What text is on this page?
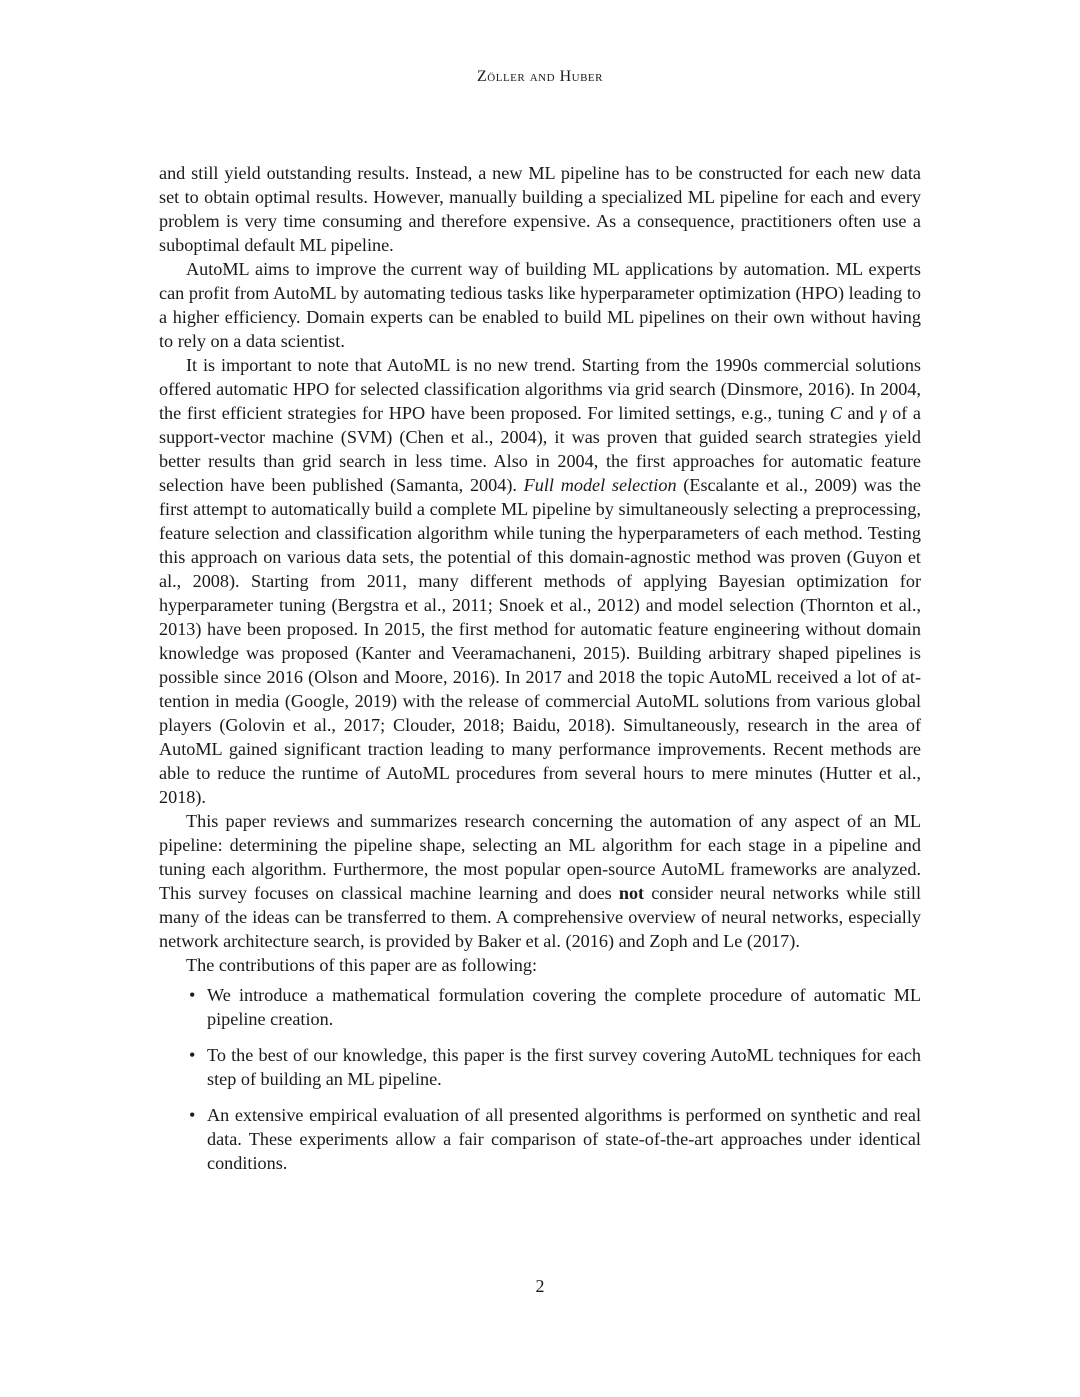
Zöller and Huber

and still yield outstanding results. Instead, a new ML pipeline has to be constructed for each new data set to obtain optimal results. However, manually building a specialized ML pipeline for each and every problem is very time consuming and therefore expensive. As a consequence, practitioners often use a suboptimal default ML pipeline.

AutoML aims to improve the current way of building ML applications by automation. ML experts can profit from AutoML by automating tedious tasks like hyperparameter optimization (HPO) leading to a higher efficiency. Domain experts can be enabled to build ML pipelines on their own without having to rely on a data scientist.

It is important to note that AutoML is no new trend. Starting from the 1990s commercial solutions offered automatic HPO for selected classification algorithms via grid search (Dinsmore, 2016). In 2004, the first efficient strategies for HPO have been proposed. For limited settings, e.g., tuning C and γ of a support-vector machine (SVM) (Chen et al., 2004), it was proven that guided search strategies yield better results than grid search in less time. Also in 2004, the first approaches for automatic feature selection have been published (Samanta, 2004). Full model selection (Escalante et al., 2009) was the first attempt to automatically build a complete ML pipeline by simultaneously selecting a preprocessing, feature selection and classification algorithm while tuning the hyperparameters of each method. Testing this approach on various data sets, the potential of this domain-agnostic method was proven (Guyon et al., 2008). Starting from 2011, many different methods of applying Bayesian optimization for hyperparameter tuning (Bergstra et al., 2011; Snoek et al., 2012) and model selection (Thornton et al., 2013) have been proposed. In 2015, the first method for automatic feature engineering without domain knowledge was proposed (Kanter and Veeramachaneni, 2015). Building arbitrary shaped pipelines is possible since 2016 (Olson and Moore, 2016). In 2017 and 2018 the topic AutoML received a lot of attention in media (Google, 2019) with the release of commercial AutoML solutions from various global players (Golovin et al., 2017; Clouder, 2018; Baidu, 2018). Simultaneously, research in the area of AutoML gained significant traction leading to many performance improvements. Recent methods are able to reduce the runtime of AutoML procedures from several hours to mere minutes (Hutter et al., 2018).

This paper reviews and summarizes research concerning the automation of any aspect of an ML pipeline: determining the pipeline shape, selecting an ML algorithm for each stage in a pipeline and tuning each algorithm. Furthermore, the most popular open-source AutoML frameworks are analyzed. This survey focuses on classical machine learning and does not consider neural networks while still many of the ideas can be transferred to them. A comprehensive overview of neural networks, especially network architecture search, is provided by Baker et al. (2016) and Zoph and Le (2017).

The contributions of this paper are as following:

• We introduce a mathematical formulation covering the complete procedure of automatic ML pipeline creation.
• To the best of our knowledge, this paper is the first survey covering AutoML techniques for each step of building an ML pipeline.
• An extensive empirical evaluation of all presented algorithms is performed on synthetic and real data. These experiments allow a fair comparison of state-of-the-art approaches under identical conditions.
2
